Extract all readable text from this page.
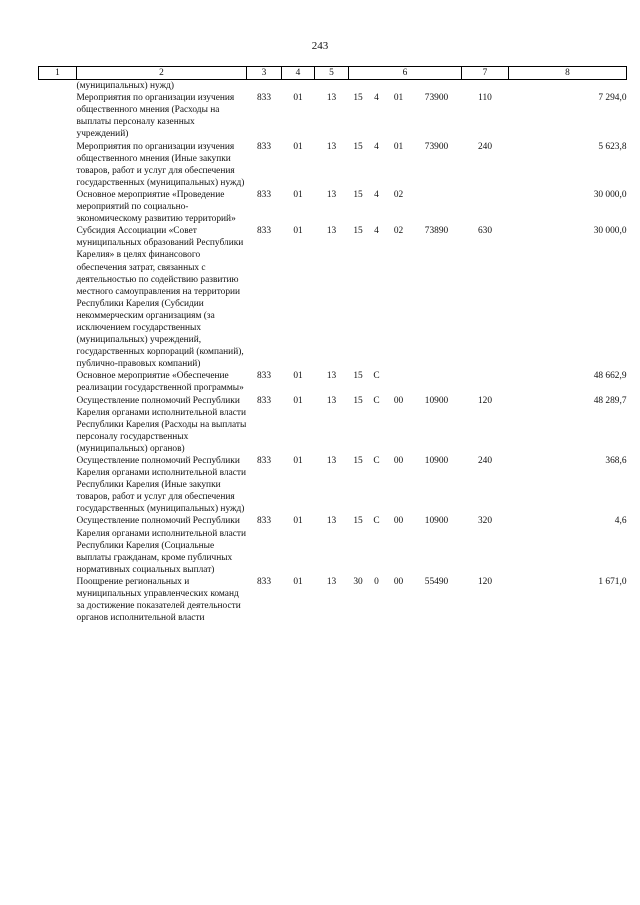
243
1	2	3	4	5	6				7	8
	(муниципальных) нужд)									
	Мероприятия по организации изучения общественного мнения (Расходы на выплаты персоналу казенных учреждений)	833	01	13	15	4	01	73900	110	7 294,0
	Мероприятия по организации изучения общественного мнения (Иные закупки товаров, работ и услуг для обеспечения государственных (муниципальных) нужд)	833	01	13	15	4	01	73900	240	5 623,8
	Основное мероприятие «Проведение мероприятий по социально-экономическому развитию территорий»	833	01	13	15	4	02			30 000,0
	Субсидия Ассоциации «Совет муниципальных образований Республики Карелия» в целях финансового обеспечения затрат, связанных с деятельностью по содействию развитию местного самоуправления на территории Республики Карелия (Субсидии некоммерческим организациям (за исключением государственных (муниципальных) учреждений, государственных корпораций (компаний), публично-правовых компаний)	833	01	13	15	4	02	73890	630	30 000,0
	Основное мероприятие «Обеспечение реализации государственной программы»	833	01	13	15	С				48 662,9
	Осуществление полномочий Республики Карелия органами исполнительной власти Республики Карелия (Расходы на выплаты персоналу государственных (муниципальных) органов)	833	01	13	15	С	00	10900	120	48 289,7
	Осуществление полномочий Республики Карелия органами исполнительной власти Республики Карелия (Иные закупки товаров, работ и услуг для обеспечения государственных (муниципальных) нужд)	833	01	13	15	С	00	10900	240	368,6
	Осуществление полномочий Республики Карелия органами исполнительной власти Республики Карелия (Социальные выплаты гражданам, кроме публичных нормативных социальных выплат)	833	01	13	15	С	00	10900	320	4,6
	Поощрение региональных и муниципальных управленческих команд за достижение показателей деятельности органов исполнительной власти	833	01	13	30	0	00	55490	120	1 671,0
